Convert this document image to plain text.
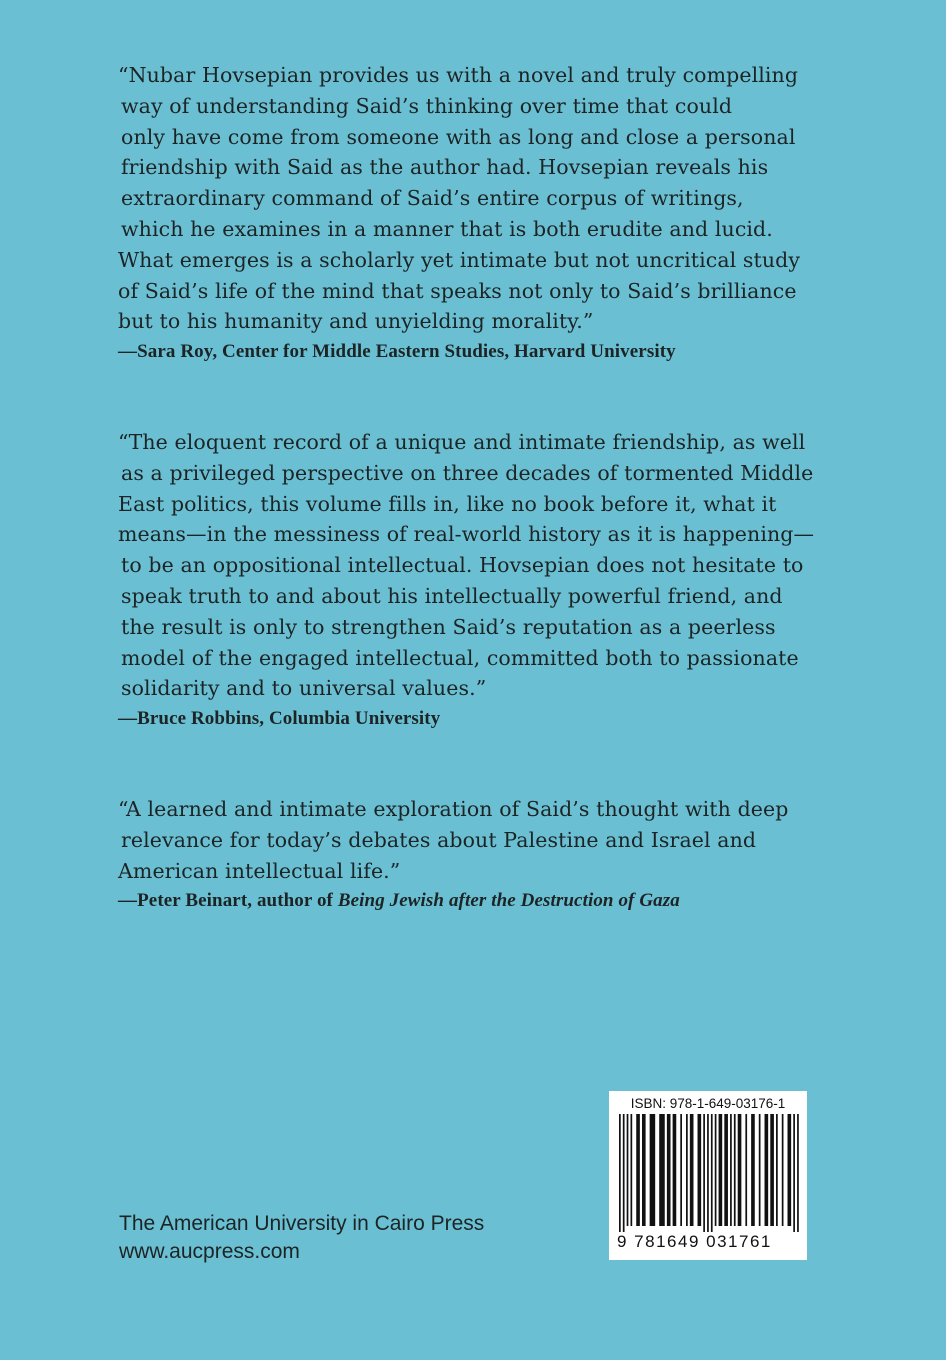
“Nubar Hovsepian provides us with a novel and truly compelling

way of understanding Said’s thinking over time that could

only have come from someone with as long and close a personal

friendship with Said as the author had. Hovsepian reveals his

extraordinary command of Said’s entire corpus of writings,

which he examines in a manner that is both erudite and lucid.

What emerges is a scholarly yet intimate but not uncritical study

of Said’s life of the mind that speaks not only to Said’s brilliance

but to his humanity and unyielding morality.”

—Sara Roy, Center for Middle Eastern Studies, Harvard University

“The eloquent record of a unique and intimate friendship, as well

as a privileged perspective on three decades of tormented Middle

East politics, this volume fills in, like no book before it, what it

means—in the messiness of real-world history as it is happening—

to be an oppositional intellectual. Hovsepian does not hesitate to

speak truth to and about his intellectually powerful friend, and

the result is only to strengthen Said’s reputation as a peerless

model of the engaged intellectual, committed both to passionate

solidarity and to universal values.”

—Bruce Robbins, Columbia University

“A learned and intimate exploration of Said’s thought with deep

relevance for today’s debates about Palestine and Israel and

American intellectual life.”

—Peter Beinart, author of Being Jewish after the Destruction of Gaza

The American University in Cairo Press
www.aucpress.com
ISBN: 978-1-649-03176-1
9 781649 031761
